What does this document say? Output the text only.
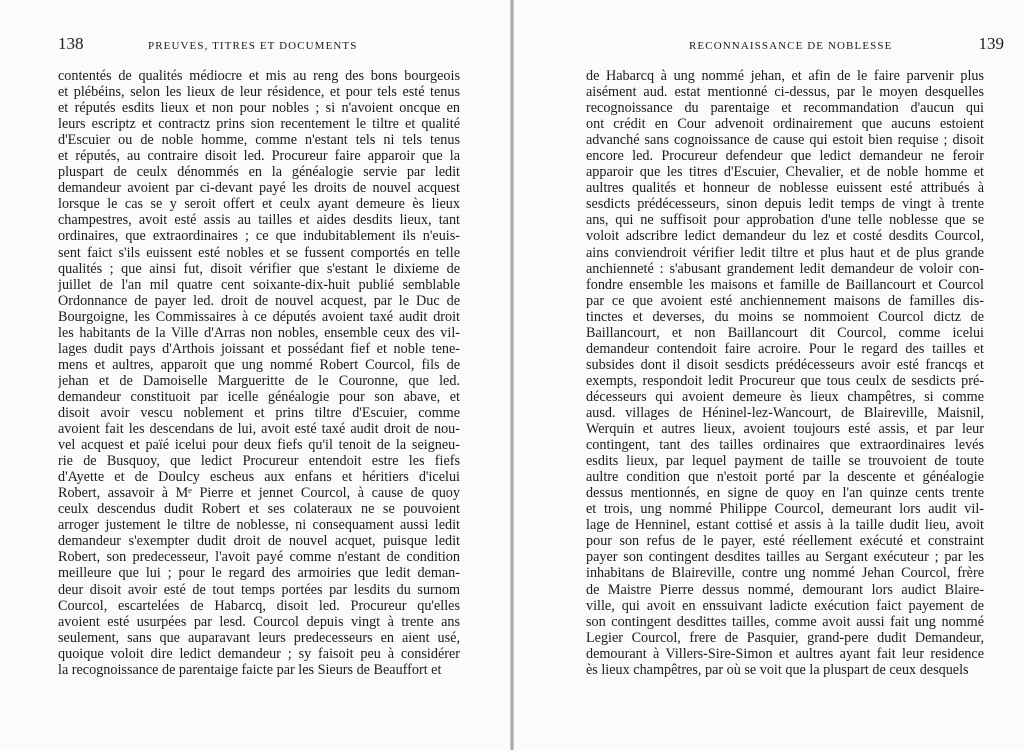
138	PREUVES, TITRES ET DOCUMENTS
contentés de qualités médiocre et mis au reng des bons bourgeois
et plébéins, selon les lieux de leur résidence, et pour tels esté tenus
et réputés esdits lieux et non pour nobles ; si n'avoient oncque en
leurs escriptz et contractz prins sion recentement le tiltre et qualité
d'Escuier ou de noble homme, comme n'estant tels ni tels tenus
et réputés, au contraire disoit led. Procureur faire apparoir que la
pluspart de ceulx dénommés en la généalogie servie par ledit
demandeur avoient par ci-devant payé les droits de nouvel acquest
lorsque le cas se y seroit offert et ceulx ayant demeure ès lieux
champestres, avoit esté assis au tailles et aides desdits lieux, tant
ordinaires, que extraordinaires ; ce que indubitablement ils n'euis-
sent faict s'ils euissent esté nobles et se fussent comportés en telle
qualités ; que ainsi fut, disoit vérifier que s'estant le dixieme de
juillet de l'an mil quatre cent soixante-dix-huit publié semblable
Ordonnance de payer led. droit de nouvel acquest, par le Duc de
Bourgoigne, les Commissaires à ce députés avoient taxé audit droit
les habitants de la Ville d'Arras non nobles, ensemble ceux des vil-
lages dudit pays d'Arthois joissant et possédant fief et noble tene-
mens et aultres, apparoit que ung nommé Robert Courcol, fils de
jehan et de Damoiselle Margueritte de le Couronne, que led.
demandeur constituoit par icelle généalogie pour son abave, et
disoit avoir vescu noblement et prins tiltre d'Escuier, comme
avoient fait les descendans de lui, avoit esté taxé audit droit de nou-
vel acquest et païé icelui pour deux fiefs qu'il tenoit de la seigneu-
rie de Busquoy, que ledict Procureur entendoit estre les fiefs
d'Ayette et de Doulcy escheus aux enfans et héritiers d'icelui
Robert, assavoir à Mᵉ Pierre et jennet Courcol, à cause de quoy
ceulx descendus dudit Robert et ses colateraux ne se pouvoient
arroger justement le tiltre de noblesse, ni consequament aussi ledit
demandeur s'exempter dudit droit de nouvel acquet, puisque ledit
Robert, son predecesseur, l'avoit payé comme n'estant de condition
meilleure que lui ; pour le regard des armoiries que ledit deman-
deur disoit avoir esté de tout temps portées par lesdits du surnom
Courcol, escartelées de Habarcq, disoit led. Procureur qu'elles
avoient esté usurpées par lesd. Courcol depuis vingt à trente ans
seulement, sans que auparavant leurs predecesseurs en aient usé,
quoique voloit dire ledict demandeur ; sy faisoit peu à considérer
la recognoissance de parentaige faicte par les Sieurs de Beauffort et
RECONNAISSANCE DE NOBLESSE	139
de Habarcq à ung nommé jehan, et afin de le faire parvenir plus
aisément aud. estat mentionné ci-dessus, par le moyen desquelles
recognoissance du parentaige et recommandation d'aucun qui
ont crédit en Cour advenoit ordinairement que aucuns estoient
advanché sans cognoissance de cause qui estoit bien requise ; disoit
encore led. Procureur defendeur que ledict demandeur ne feroir
apparoir que les titres d'Escuier, Chevalier, et de noble homme et
aultres qualités et honneur de noblesse euissent esté attribués à
sesdicts prédécesseurs, sinon depuis ledit temps de vingt à trente
ans, qui ne suffisoit pour approbation d'une telle noblesse que se
voloit adscribre ledict demandeur du lez et costé desdits Courcol,
ains conviendroit vérifier ledit tiltre et plus haut et de plus grande
anchienneté : s'abusant grandement ledit demandeur de voloir con-
fondre ensemble les maisons et famille de Baillancourt et Courcol
par ce que avoient esté anchiennement maisons de familles dis-
tinctes et deverses, du moins se nommoient Courcol dictz de
Baillancourt, et non Baillancourt dit Courcol, comme icelui
demandeur contendoit faire acroire. Pour le regard des tailles et
subsides dont il disoit sesdicts prédécesseurs avoir esté francqs et
exempts, respondoit ledit Procureur que tous ceulx de sesdicts pré-
décesseurs qui avoient demeure ès lieux champêtres, si comme
ausd. villages de Héninel-lez-Wancourt, de Blaireville, Maisnil,
Werquin et autres lieux, avoient toujours esté assis, et par leur
contingent, tant des tailles ordinaires que extraordinaires levés
esdits lieux, par lequel payment de taille se trouvoient de toute
aultre condition que n'estoit porté par la descente et généalogie
dessus mentionnés, en signe de quoy en l'an quinze cents trente
et trois, ung nommé Philippe Courcol, demeurant lors audit vil-
lage de Henninel, estant cottisé et assis à la taille dudit lieu, avoit
pour son refus de le payer, esté réellement exécuté et constraint
payer son contingent desdites tailles au Sergant exécuteur ; par les
inhabitans de Blaireville, contre ung nommé Jehan Courcol, frère
de Maistre Pierre dessus nommé, demourant lors audict Blaire-
ville, qui avoit en enssuivant ladicte exécution faict payement de
son contingent desdittes tailles, comme avoit aussi fait ung nommé
Legier Courcol, frere de Pasquier, grand-pere dudit Demandeur,
demourant à Villers-Sire-Simon et aultres ayant fait leur residence
ès lieux champêtres, par où se voit que la pluspart de ceux desquels
